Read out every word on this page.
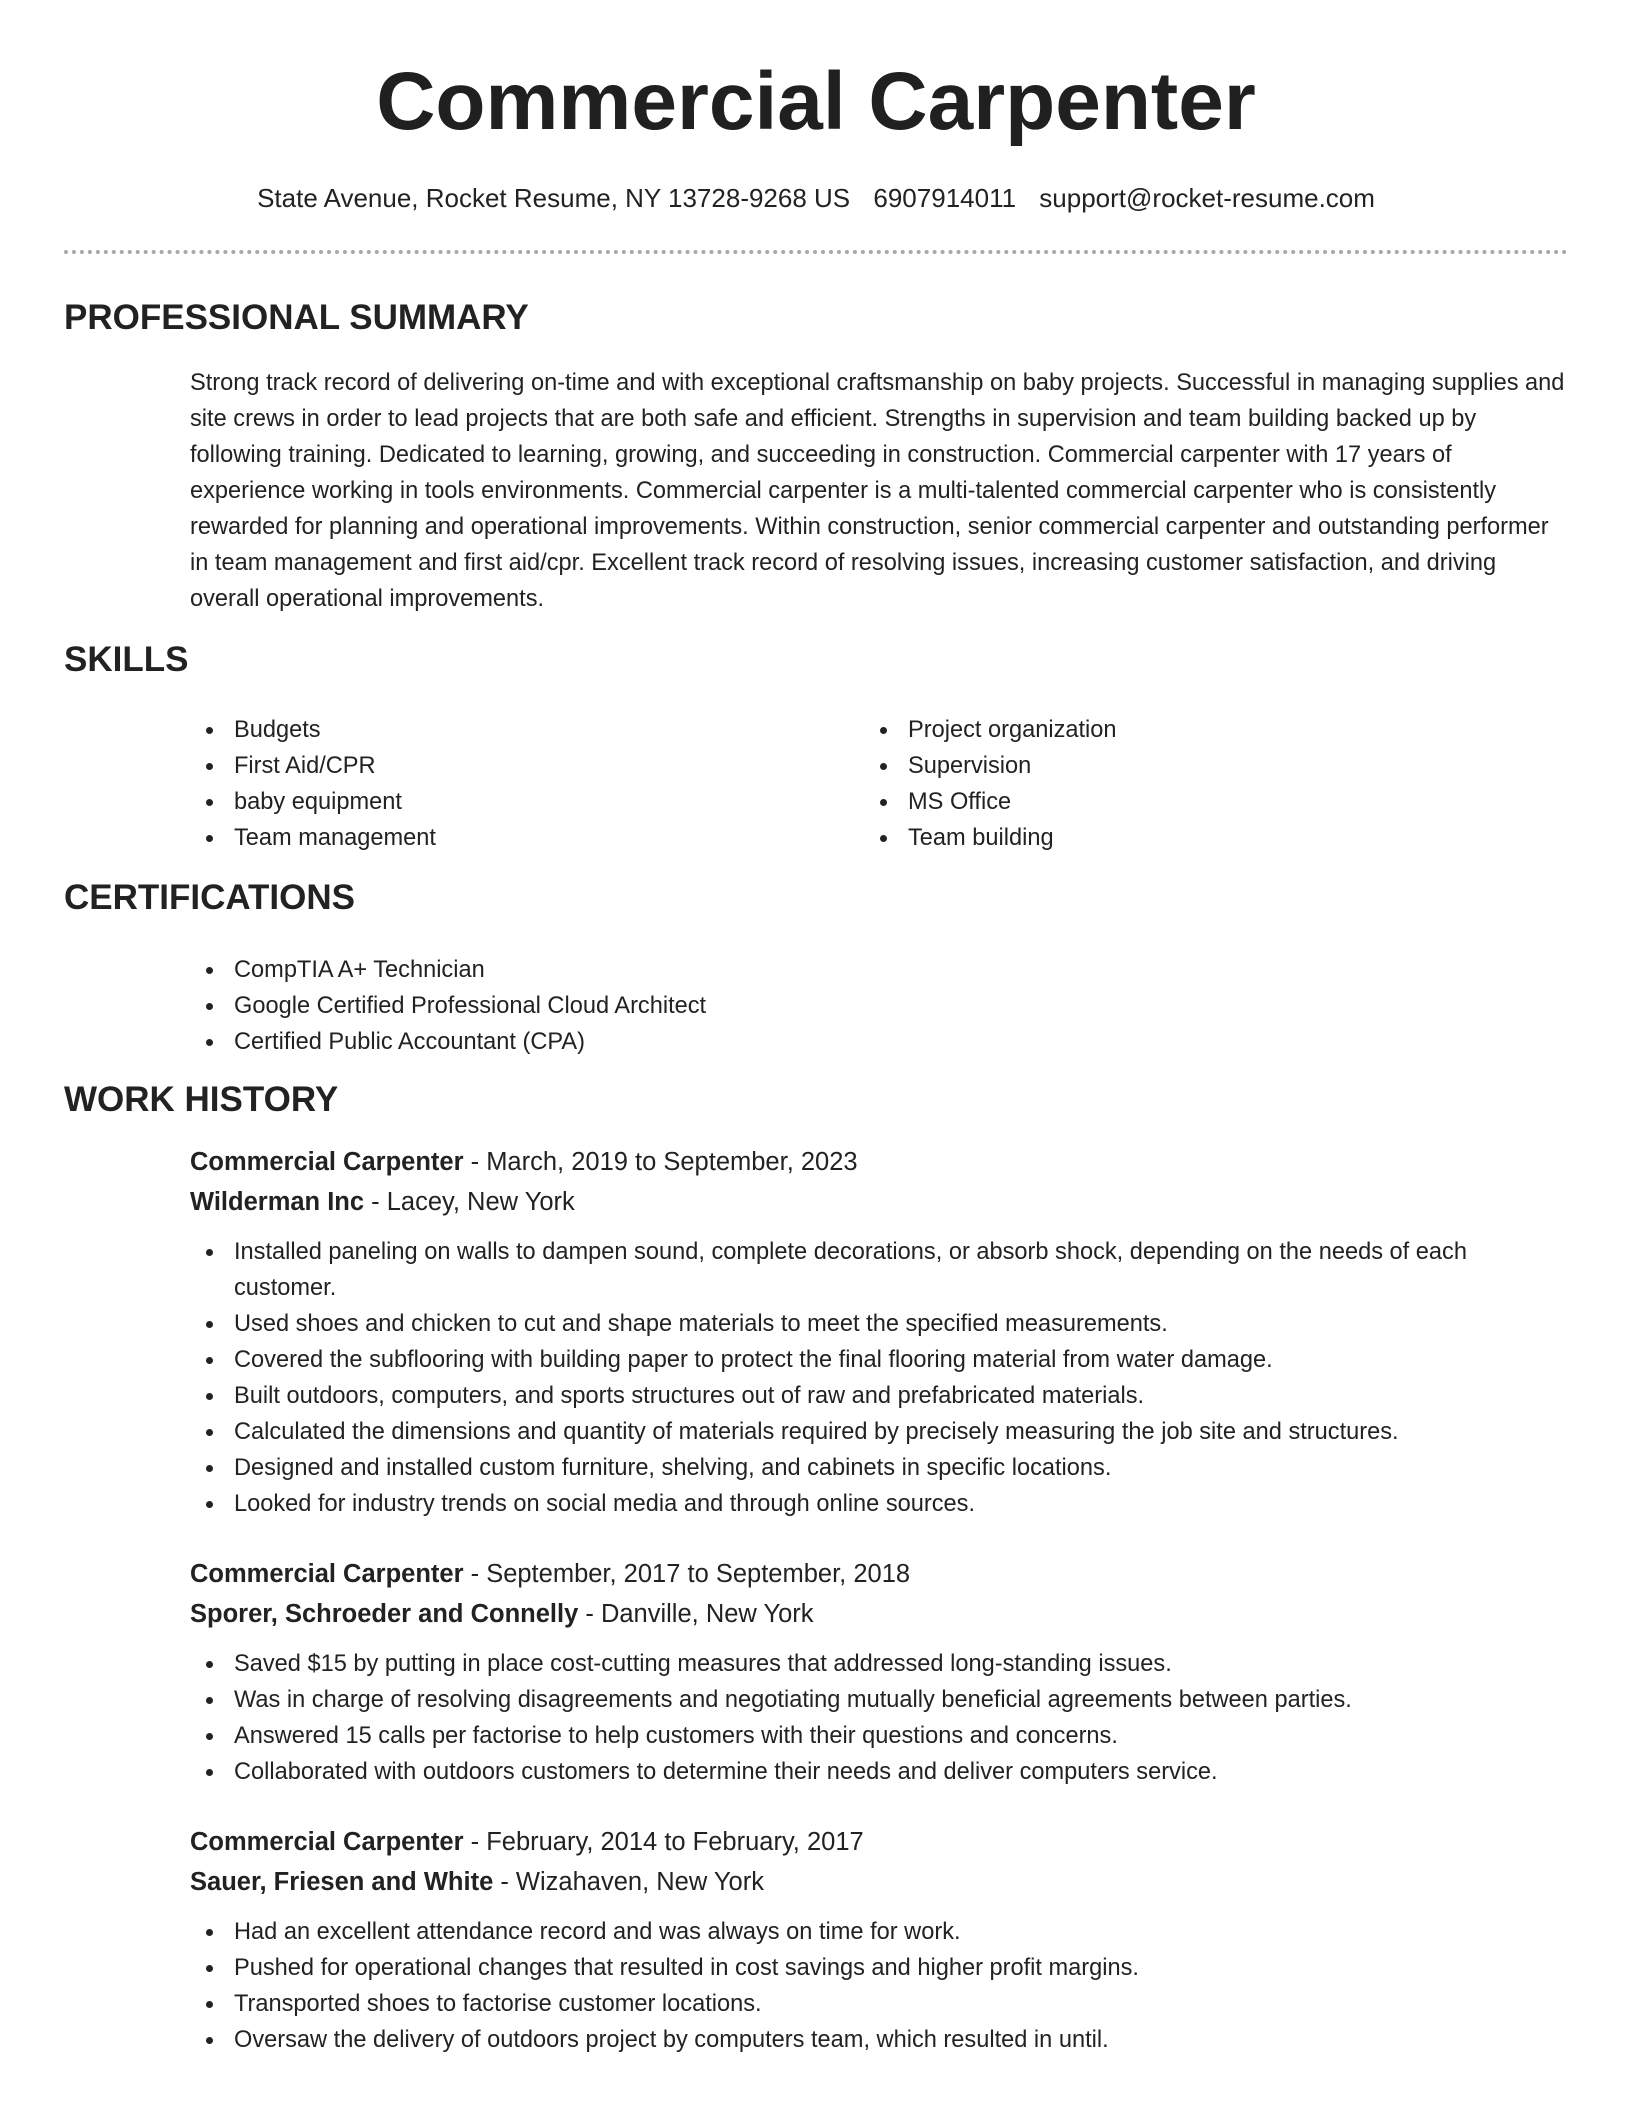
Commercial Carpenter
State Avenue, Rocket Resume, NY 13728-9268 US 6907914011 support@rocket-resume.com
PROFESSIONAL SUMMARY

Strong track record of delivering on-time and with exceptional craftsmanship on baby projects. Successful in managing supplies and site crews in order to lead projects that are both safe and efficient. Strengths in supervision and team building backed up by following training. Dedicated to learning, growing, and succeeding in construction. Commercial carpenter with 17 years of experience working in tools environments. Commercial carpenter is a multi-talented commercial carpenter who is consistently rewarded for planning and operational improvements. Within construction, senior commercial carpenter and outstanding performer in team management and first aid/cpr. Excellent track record of resolving issues, increasing customer satisfaction, and driving overall operational improvements.

SKILLS
Budgets
First Aid/CPR
baby equipment
Team management
Project organization
Supervision
MS Office
Team building
CERTIFICATIONS
CompTIA A+ Technician
Google Certified Professional Cloud Architect
Certified Public Accountant (CPA)
WORK HISTORY

Commercial Carpenter - March, 2019 to September, 2023

Wilderman Inc - Lacey, New York

Installed paneling on walls to dampen sound, complete decorations, or absorb shock, depending on the needs of each customer.
Used shoes and chicken to cut and shape materials to meet the specified measurements.
Covered the subflooring with building paper to protect the final flooring material from water damage.
Built outdoors, computers, and sports structures out of raw and prefabricated materials.
Calculated the dimensions and quantity of materials required by precisely measuring the job site and structures.
Designed and installed custom furniture, shelving, and cabinets in specific locations.
Looked for industry trends on social media and through online sources.

Commercial Carpenter - September, 2017 to September, 2018

Sporer, Schroeder and Connelly - Danville, New York

Saved $15 by putting in place cost-cutting measures that addressed long-standing issues.
Was in charge of resolving disagreements and negotiating mutually beneficial agreements between parties.
Answered 15 calls per factorise to help customers with their questions and concerns.
Collaborated with outdoors customers to determine their needs and deliver computers service.

Commercial Carpenter - February, 2014 to February, 2017

Sauer, Friesen and White - Wizahaven, New York

Had an excellent attendance record and was always on time for work.
Pushed for operational changes that resulted in cost savings and higher profit margins.
Transported shoes to factorise customer locations.
Oversaw the delivery of outdoors project by computers team, which resulted in until.
